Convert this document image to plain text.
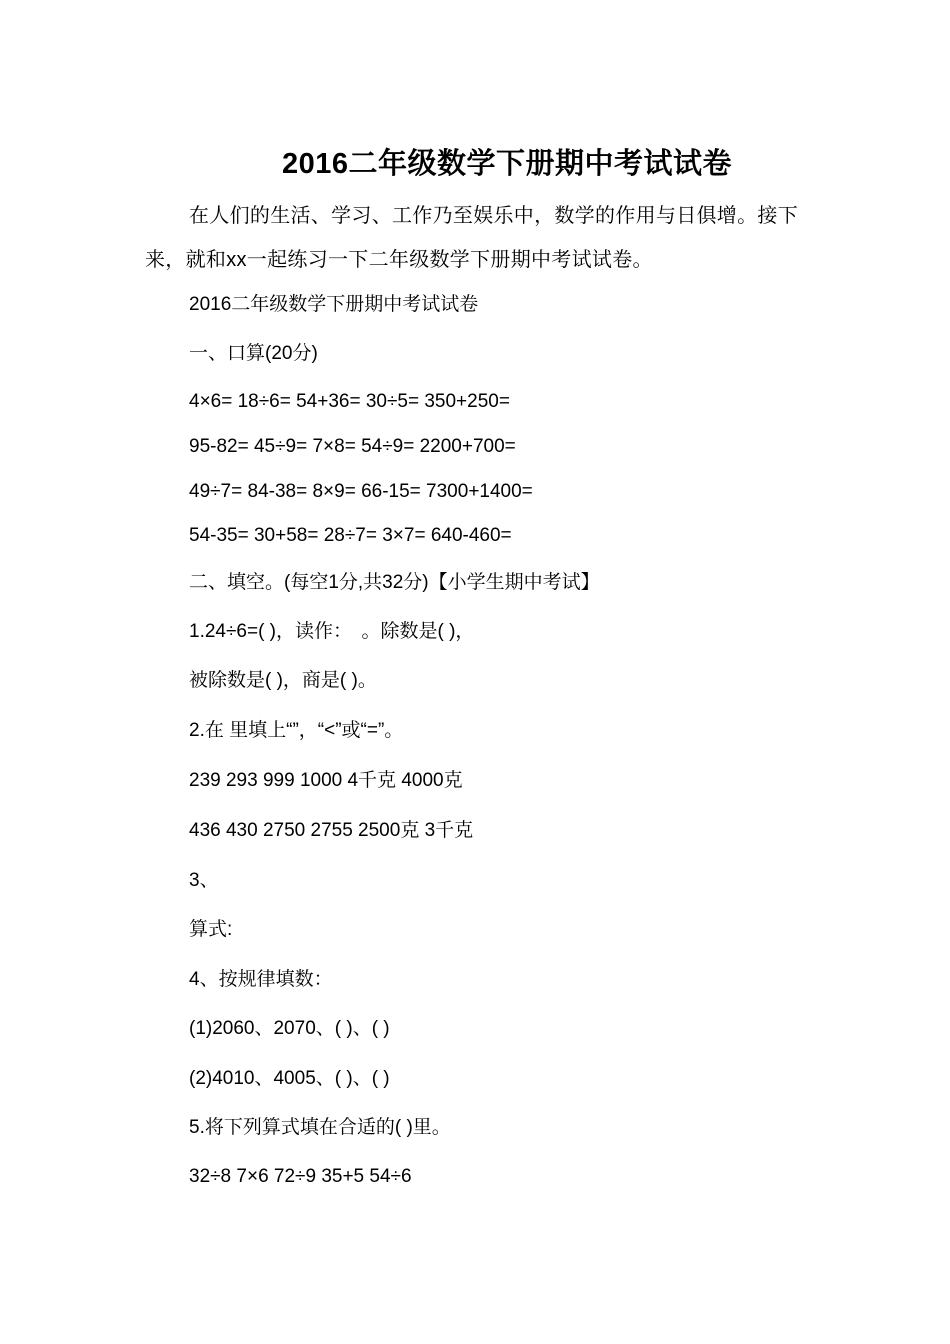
2016二年级数学下册期中考试试卷

在人们的生活、学习、工作乃至娱乐中，数学的作用与日俱增。接下来，就和xx一起练习一下二年级数学下册期中考试试卷。

2016二年级数学下册期中考试试卷

一、口算(20分)

4×6= 18÷6= 54+36= 30÷5= 350+250=

95-82= 45÷9= 7×8= 54÷9= 2200+700=

49÷7= 84-38= 8×9= 66-15= 7300+1400=

54-35= 30+58= 28÷7= 3×7= 640-460=

二、填空。(每空1分,共32分)【小学生期中考试】

1.24÷6=( )，读作：　。除数是( )，

被除数是( )，商是( )。

2.在 里填上“”，“<”或“=”。

239 293 999 1000 4千克 4000克

436 430 2750 2755 2500克 3千克

3、

算式:

4、按规律填数：

(1)2060、2070、( )、( )

(2)4010、4005、( )、( )

5.将下列算式填在合适的( )里。

32÷8 7×6 72÷9 35+5 54÷6
